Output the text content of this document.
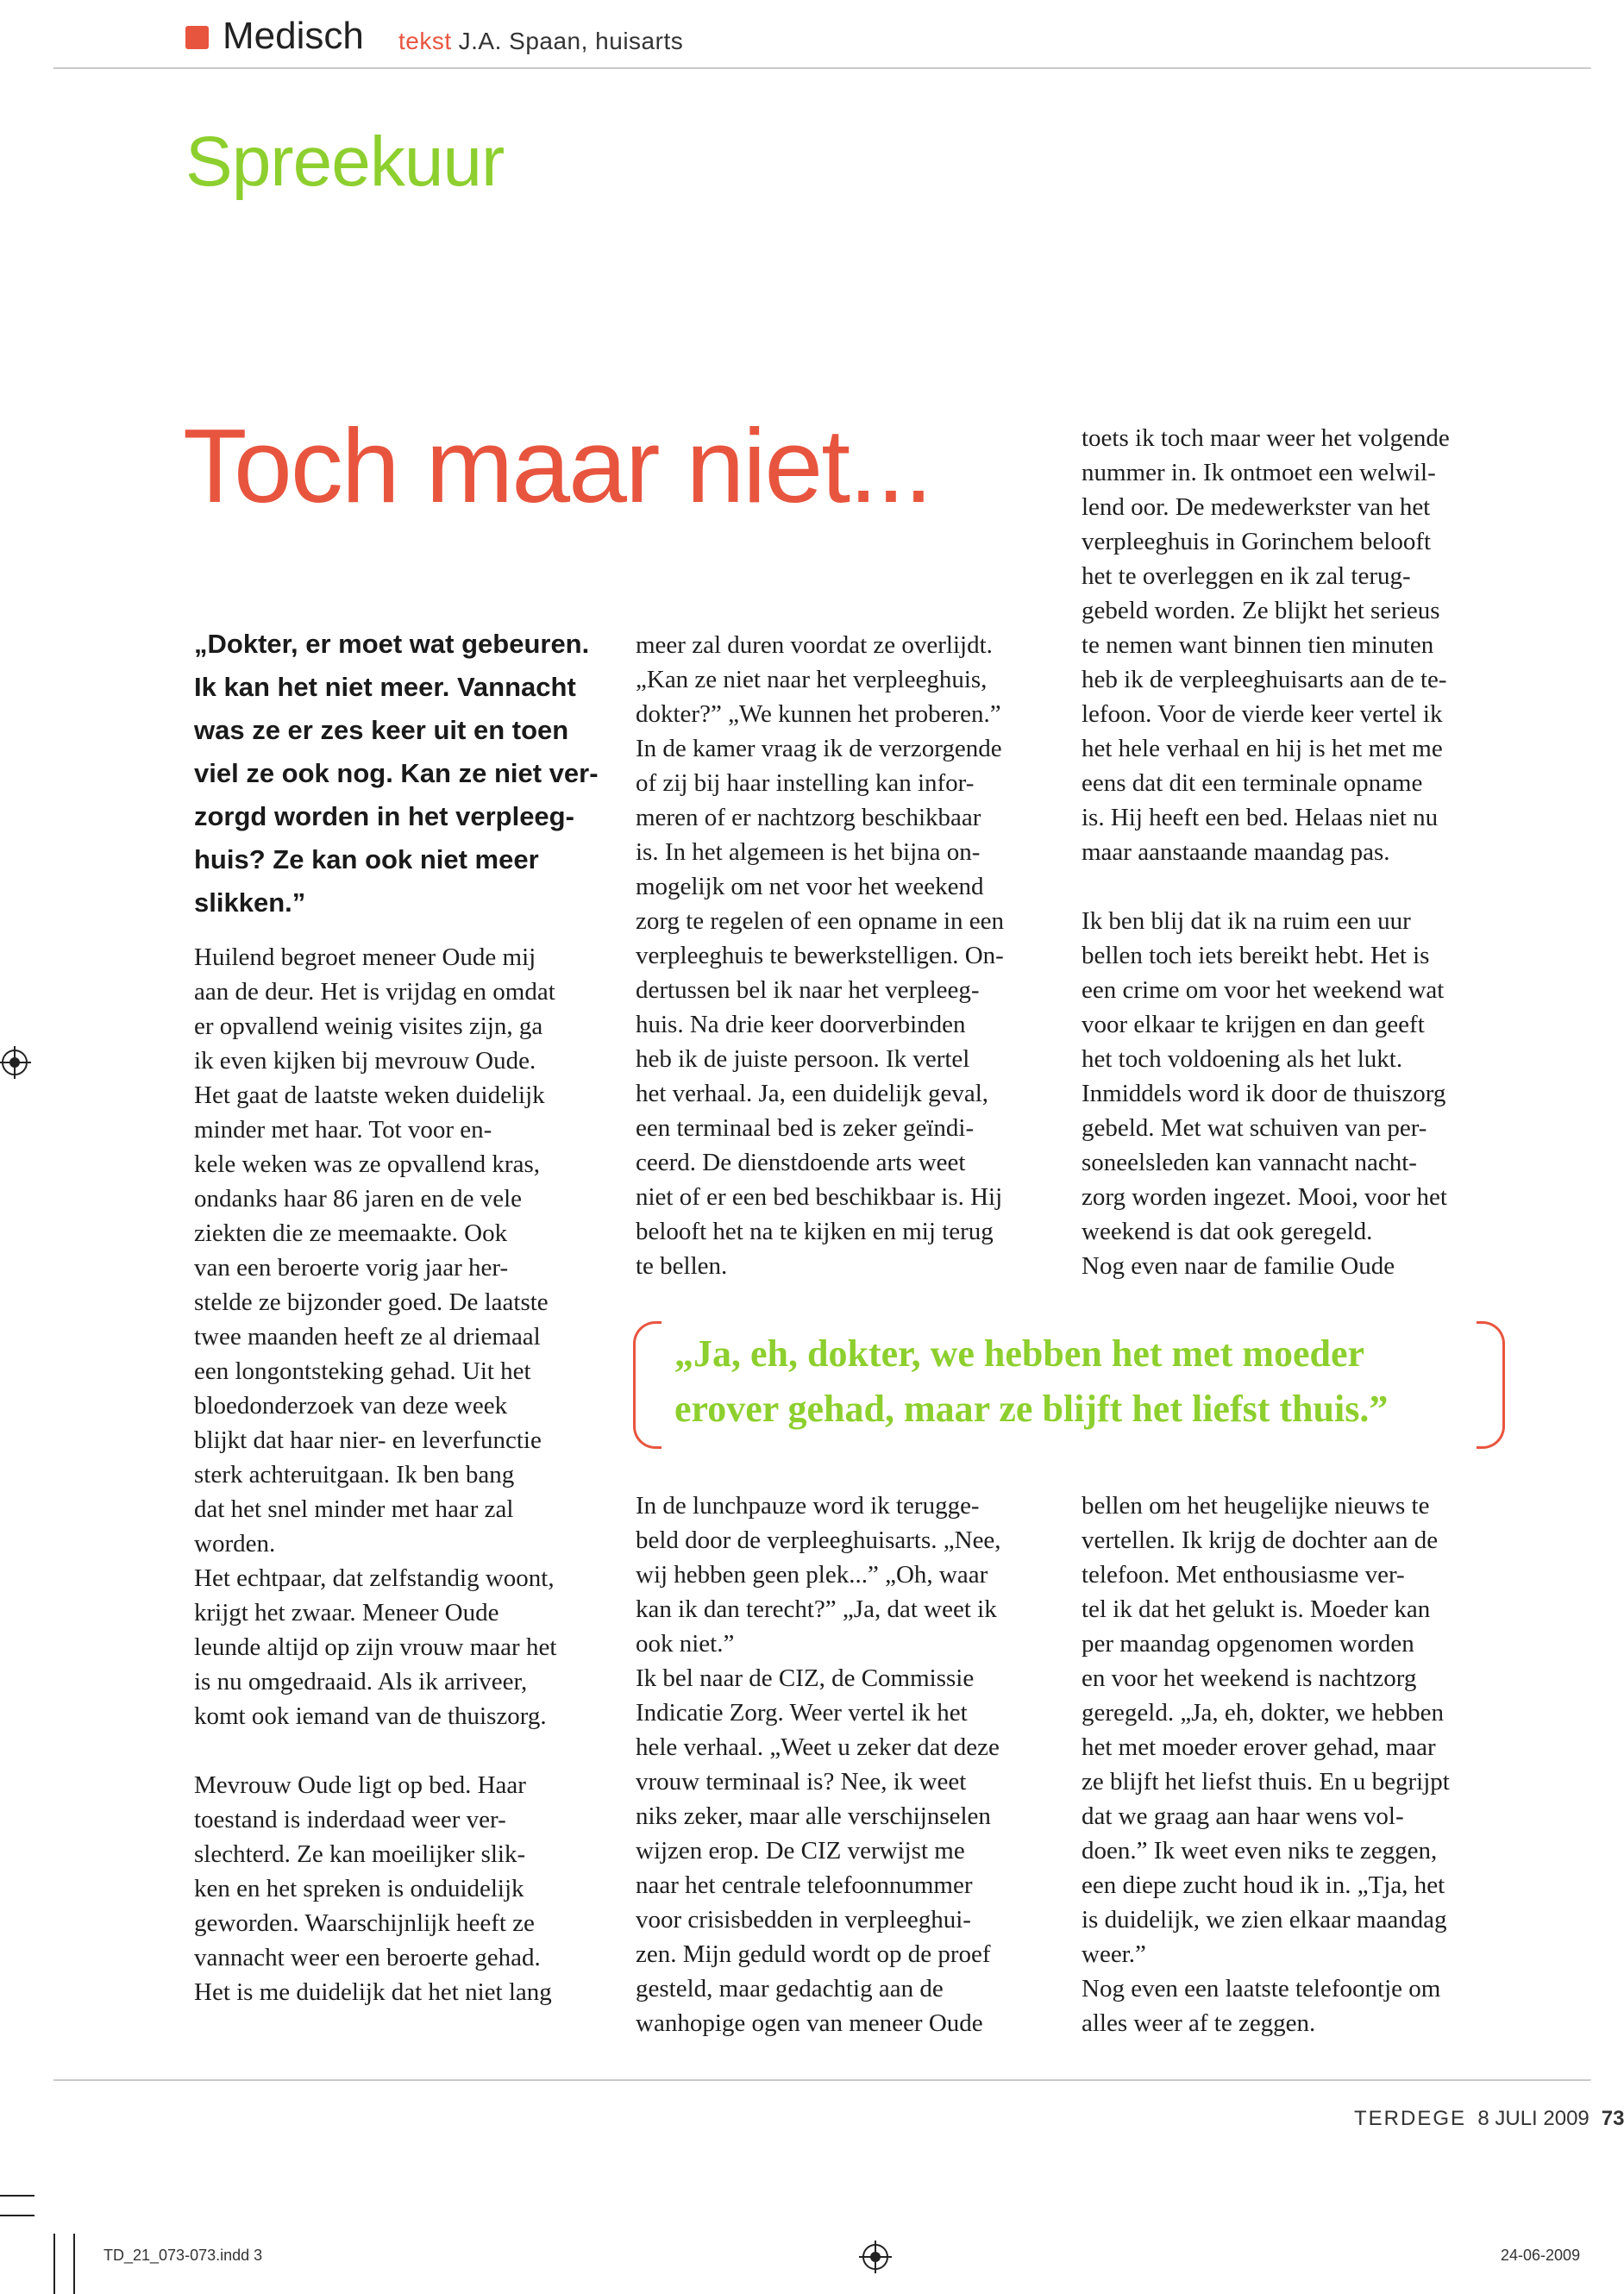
Medisch tekst J.A. Spaan, huisarts
Spreekuur
Toch maar niet...
„Dokter, er moet wat gebeuren.
Ik kan het niet meer. Vannacht
was ze er zes keer uit en toen
viel ze ook nog. Kan ze niet ver-
zorgd worden in het verpleeg-
huis? Ze kan ook niet meer
slikken.”
Huilend begroet meneer Oude mij
aan de deur. Het is vrijdag en omdat
er opvallend weinig visites zijn, ga
ik even kijken bij mevrouw Oude.
Het gaat de laatste weken duidelijk
minder met haar. Tot voor en-
kele weken was ze opvallend kras,
ondanks haar 86 jaren en de vele
ziekten die ze meemaakte. Ook
van een beroerte vorig jaar her-
stelde ze bijzonder goed. De laatste
twee maanden heeft ze al driemaal
een longontsteking gehad. Uit het
bloedonderzoek van deze week
blijkt dat haar nier- en leverfunctie
sterk achteruitgaan. Ik ben bang
dat het snel minder met haar zal
worden.
Het echtpaar, dat zelfstandig woont,
krijgt het zwaar. Meneer Oude
leunde altijd op zijn vrouw maar het
is nu omgedraaid. Als ik arriveer,
komt ook iemand van de thuiszorg.

Mevrouw Oude ligt op bed. Haar
toestand is inderdaad weer ver-
slechterd. Ze kan moeilijker slik-
ken en het spreken is onduidelijk
geworden. Waarschijnlijk heeft ze
vannacht weer een beroerte gehad.
Het is me duidelijk dat het niet lang
meer zal duren voordat ze overlijdt.
„Kan ze niet naar het verpleeghuis,
dokter?” „We kunnen het proberen.”
In de kamer vraag ik de verzorgende
of zij bij haar instelling kan infor-
meren of er nachtzorg beschikbaar
is. In het algemeen is het bijna on-
mogelijk om net voor het weekend
zorg te regelen of een opname in een
verpleeghuis te bewerkstelligen. On-
dertussen bel ik naar het verpleeg-
huis. Na drie keer doorverbinden
heb ik de juiste persoon. Ik vertel
het verhaal. Ja, een duidelijk geval,
een terminaal bed is zeker geïndi-
ceerd. De dienstdoende arts weet
niet of er een bed beschikbaar is. Hij
belooft het na te kijken en mij terug
te bellen.
toets ik toch maar weer het volgende
nummer in. Ik ontmoet een welwil-
lend oor. De medewerkster van het
verpleeghuis in Gorinchem belooft
het te overleggen en ik zal terug-
gebeld worden. Ze blijkt het serieus
te nemen want binnen tien minuten
heb ik de verpleeghuisarts aan de te-
lefoon. Voor de vierde keer vertel ik
het hele verhaal en hij is het met me
eens dat dit een terminale opname
is. Hij heeft een bed. Helaas niet nu
maar aanstaande maandag pas.

Ik ben blij dat ik na ruim een uur
bellen toch iets bereikt hebt. Het is
een crime om voor het weekend wat
voor elkaar te krijgen en dan geeft
het toch voldoening als het lukt.
Inmiddels word ik door de thuiszorg
gebeld. Met wat schuiven van per-
soneelsleden kan vannacht nacht-
zorg worden ingezet. Mooi, voor het
weekend is dat ook geregeld.
Nog even naar de familie Oude
„Ja, eh, dokter, we hebben het met moeder
erover gehad, maar ze blijft het liefst thuis.”
In de lunchpauze word ik terugge-
beld door de verpleeghuisarts. „Nee,
wij hebben geen plek...” „Oh, waar
kan ik dan terecht?” „Ja, dat weet ik
ook niet.”
Ik bel naar de CIZ, de Commissie
Indicatie Zorg. Weer vertel ik het
hele verhaal. „Weet u zeker dat deze
vrouw terminaal is? Nee, ik weet
niks zeker, maar alle verschijnselen
wijzen erop. De CIZ verwijst me
naar het centrale telefoonnummer
voor crisisbedden in verpleeghui-
zen. Mijn geduld wordt op de proef
gesteld, maar gedachtig aan de
wanhopige ogen van meneer Oude
bellen om het heugelijke nieuws te
vertellen. Ik krijg de dochter aan de
telefoon. Met enthousiasme ver-
tel ik dat het gelukt is. Moeder kan
per maandag opgenomen worden
en voor het weekend is nachtzorg
geregeld. „Ja, eh, dokter, we hebben
het met moeder erover gehad, maar
ze blijft het liefst thuis. En u begrijpt
dat we graag aan haar wens vol-
doen.” Ik weet even niks te zeggen,
een diepe zucht houd ik in. „Tja, het
is duidelijk, we zien elkaar maandag
weer.”
Nog even een laatste telefoontje om
alles weer af te zeggen.
TERDEGE 8 JULI 2009 73
TD_21_073-073.indd 3	24-06-2009
